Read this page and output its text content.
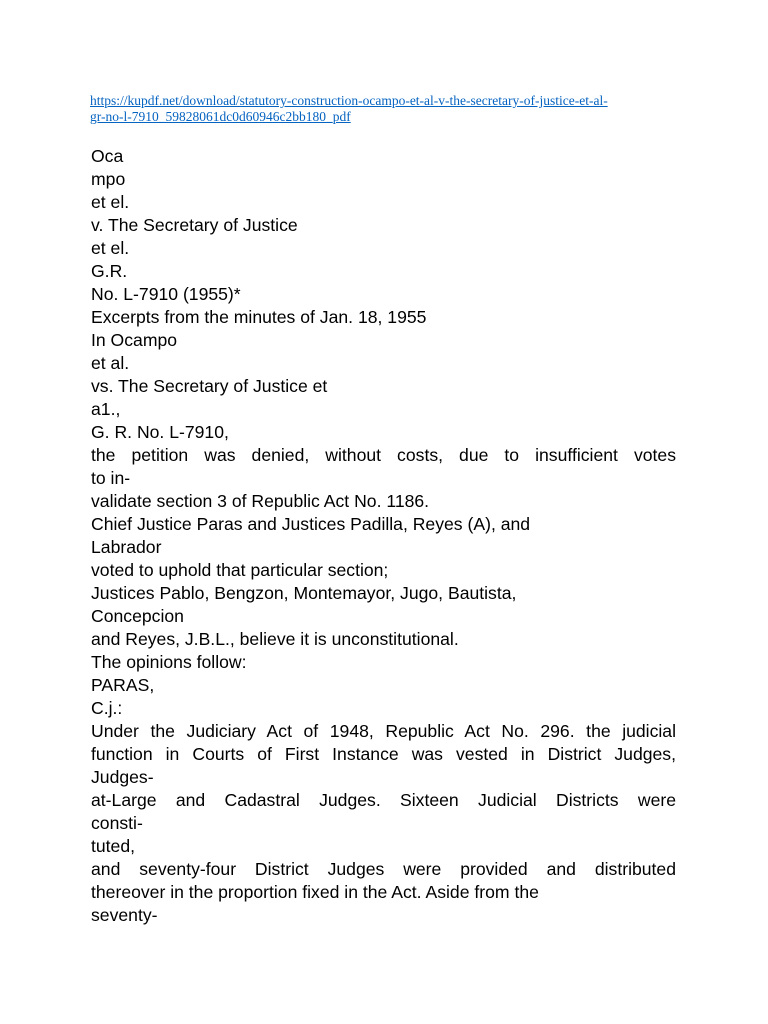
https://kupdf.net/download/statutory-construction-ocampo-et-al-v-the-secretary-of-justice-et-al-
gr-no-l-7910_59828061dc0d60946c2bb180_pdf
Oca
mpo
et el.
v. The Secretary of Justice
et el.
G.R.
No. L-7910 (1955)*
Excerpts from the minutes of Jan. 18, 1955
In Ocampo
et al.
vs. The Secretary of Justice et
a1.,
G. R. No. L-7910,
the petition was denied, without costs, due to insufficient votes
to in-
validate section 3 of Republic Act No. 1186.
Chief Justice Paras and Justices Padilla, Reyes (A), and
Labrador
voted to uphold that particular section;
Justices Pablo, Bengzon, Montemayor, Jugo, Bautista,
Concepcion
and Reyes, J.B.L., believe it is unconstitutional.
The opinions follow:
PARAS,
C.j.:
Under the Judiciary Act of 1948, Republic Act No. 296. the judicial
function in Courts of First Instance was vested in District Judges,
Judges-
at-Large and Cadastral Judges. Sixteen Judicial Districts were
consti-
tuted,
and seventy-four District Judges were provided and distributed
thereover in the proportion fixed in the Act. Aside from the
seventy-
